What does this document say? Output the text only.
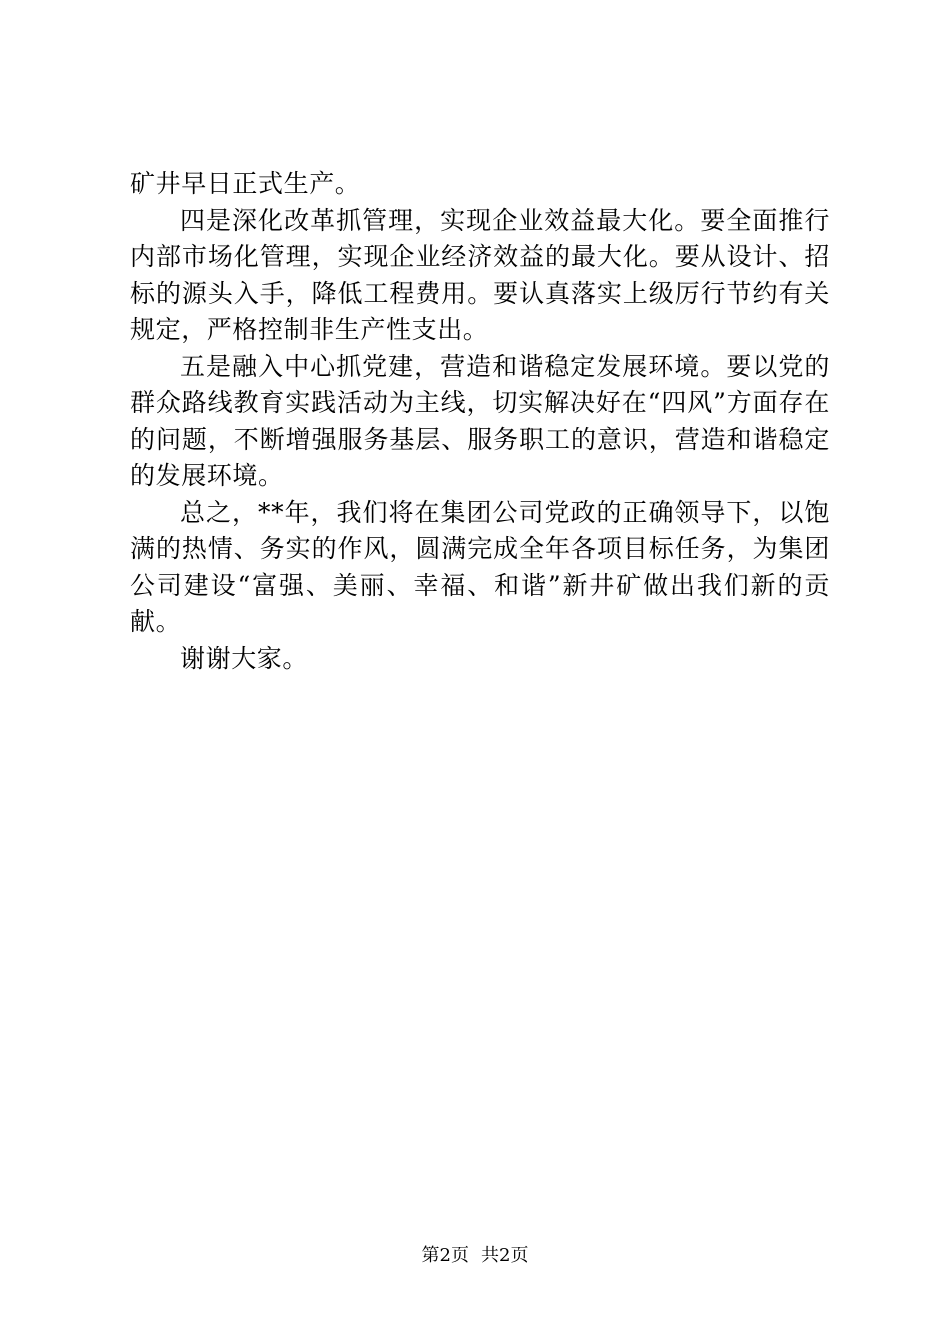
矿井早日正式生产。

四是深化改革抓管理，实现企业效益最大化。要全面推行内部市场化管理，实现企业经济效益的最大化。要从设计、招标的源头入手，降低工程费用。要认真落实上级厉行节约有关规定，严格控制非生产性支出。

五是融入中心抓党建，营造和谐稳定发展环境。要以党的群众路线教育实践活动为主线，切实解决好在“四风”方面存在的问题，不断增强服务基层、服务职工的意识，营造和谐稳定的发展环境。

总之，**年，我们将在集团公司党政的正确领导下，以饱满的热情、务实的作风，圆满完成全年各项目标任务，为集团公司建设“富强、美丽、幸福、和谐”新井矿做出我们新的贡献。

谢谢大家。

第2页 共2页
